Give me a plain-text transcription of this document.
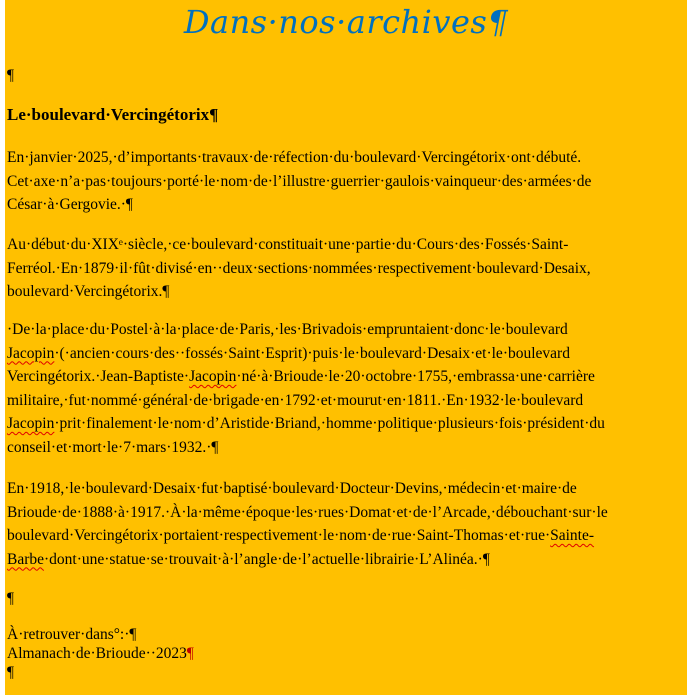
Dans·nos·archives¶
¶
Le·boulevard·Vercingétorix¶
En·janvier·2025,·d’importants·travaux·de·réfection·du·boulevard·Vercingétorix·ont·débuté.
Cet·axe·n’a·pas·toujours·porté·le·nom·de·l’illustre·guerrier·gaulois·vainqueur·des·armées·de
César·à·Gergovie.·¶
Au·début·du·XIXᵉ·siècle,·ce·boulevard·constituait·une·partie·du·Cours·des·Fossés·Saint-
Ferréol.·En·1879·il·fût·divisé·en··deux·sections·nommées·respectivement·boulevard·Desaix,
boulevard·Vercingétorix.¶
·De·la·place·du·Postel·à·la·place·de·Paris,·les·Brivadois·empruntaient·donc·le·boulevard
Jacopin·(·ancien·cours·des··fossés·Saint·Esprit)·puis·le·boulevard·Desaix·et·le·boulevard
Vercingétorix.·Jean-Baptiste·Jacopin·né·à·Brioude·le·20·octobre·1755,·embrassa·une·carrière
militaire,·fut·nommé·général·de·brigade·en·1792·et·mourut·en·1811.·En·1932·le·boulevard
Jacopin·prit·finalement·le·nom·d’Aristide·Briand,·homme·politique·plusieurs·fois·président·du
conseil·et·mort·le·7·mars·1932.·¶
En·1918,·le·boulevard·Desaix·fut·baptisé·boulevard·Docteur·Devins,·médecin·et·maire·de
Brioude·de·1888·à·1917.·À·la·même·époque·les·rues·Domat·et·de·l’Arcade,·débouchant·sur·le
boulevard·Vercingétorix·portaient·respectivement·le·nom·de·rue·Saint-Thomas·et·rue·Sainte-
Barbe·dont·une·statue·se·trouvait·à·l’angle·de·l’actuelle·librairie·L’Alinéa.·¶
¶
À·retrouver·dans°:·¶
Almanach·de·Brioude··2023¶
¶
